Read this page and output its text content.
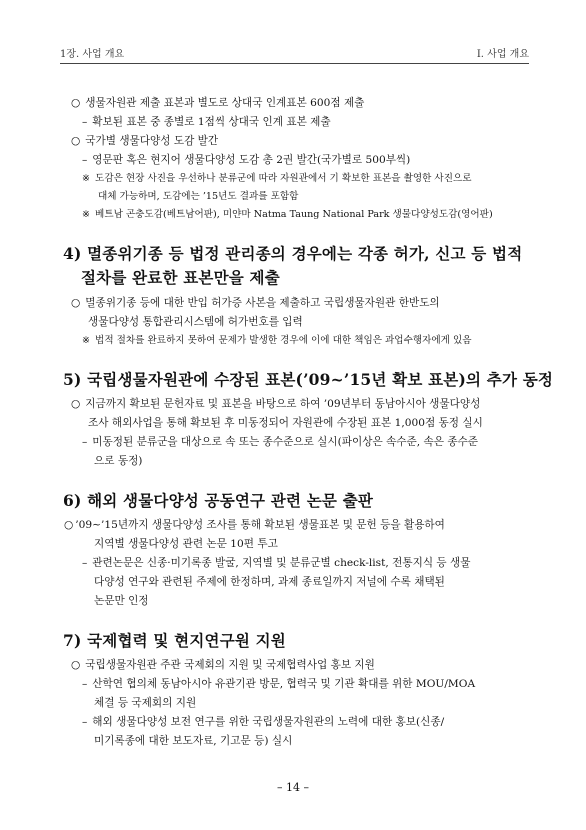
1장. 사업 개요	Ⅰ. 사업 개요
○ 생물자원관 제출 표본과 별도로 상대국 인계표본 600점 제출
– 확보된 표본 중 종별로 1점씩 상대국 인계 표본 제출
○ 국가별 생물다양성 도감 발간
– 영문판 혹은 현지어 생물다양성 도감 총 2권 발간(국가별로 500부씩)
※ 도감은 현장 사진을 우선하나 분류군에 따라 자원관에서 기 확보한 표본을 촬영한 사진으로
대체 가능하며, 도감에는 ’15년도 결과를 포함함
※ 베트남 곤충도감(베트남어판), 미얀마 Natma Taung National Park 생물다양성도감(영어판)
4) 멸종위기종 등 법정 관리종의 경우에는 각종 허가, 신고 등 법적
절차를 완료한 표본만을 제출
○ 멸종위기종 등에 대한 반입 허가증 사본을 제출하고 국립생물자원관 한반도의
생물다양성 통합관리시스템에 허가번호를 입력
※ 법적 절차를 완료하지 못하여 문제가 발생한 경우에 이에 대한 책임은 과업수행자에게 있음
5) 국립생물자원관에 수장된 표본(’09~’15년 확보 표본)의 추가 동정
○ 지금까지 확보된 문헌자료 및 표본을 바탕으로 하여 ’09년부터 동남아시아 생물다양성
조사 해외사업을 통해 확보된 후 미동정되어 자원관에 수장된 표본 1,000점 동정 실시
– 미동정된 분류군을 대상으로 속 또는 종수준으로 실시(파이상은 속수준, 속은 종수준
으로 동정)
6) 해외 생물다양성 공동연구 관련 논문 출판
○ ’09∼’15년까지 생물다양성 조사를 통해 확보된 생물표본 및 문헌 등을 활용하여
지역별 생물다양성 관련 논문 10편 투고
– 관련논문은 신종·미기록종 발굴, 지역별 및 분류군별 check-list, 전통지식 등 생물
다양성 연구와 관련된 주제에 한정하며, 과제 종료일까지 저널에 수록 채택된
논문만 인정
7) 국제협력 및 현지연구원 지원
○ 국립생물자원관 주관 국제회의 지원 및 국제협력사업 홍보 지원
– 산학연 협의체 동남아시아 유관기관 방문, 협력국 및 기관 확대를 위한 MOU/MOA
체결 등 국제회의 지원
– 해외 생물다양성 보전 연구를 위한 국립생물자원관의 노력에 대한 홍보(신종/
미기록종에 대한 보도자료, 기고문 등) 실시
– 14 –
